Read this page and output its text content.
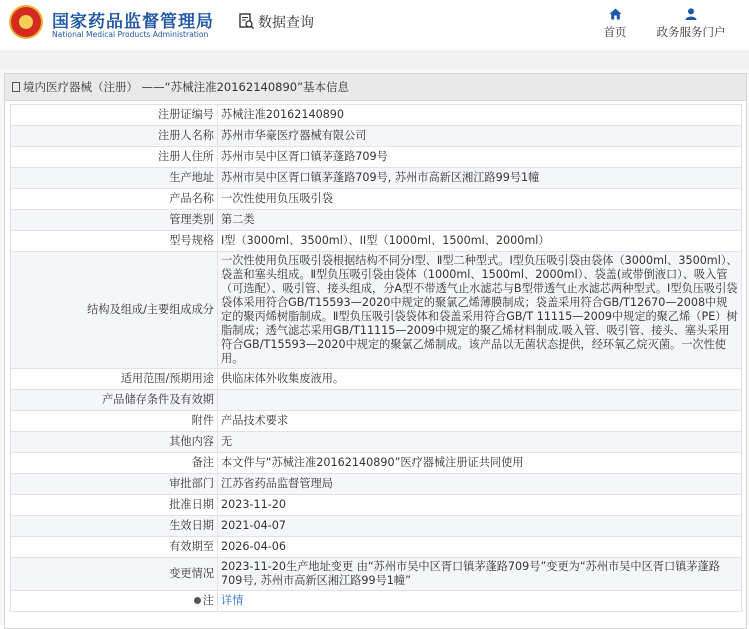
国家药品监督管理局
National Medical Products Administration
数据查询
首页	政务服务门户
境内医疗器械（注册） ——“苏械注准20162140890”基本信息
注册证编号	苏械注准20162140890
注册人名称	苏州市华豪医疗器械有限公司
注册人住所	苏州市吴中区胥口镇茅蓬路709号
生产地址	苏州市吴中区胥口镇茅蓬路709号, 苏州市高新区湘江路99号1幢
产品名称	一次性使用负压吸引袋
管理类别	第二类
型号规格	I型（3000ml、3500ml）、II型（1000ml、1500ml、2000ml）
结构及组成/主要组成成分	一次性使用负压吸引袋根据结构不同分Ⅰ型、Ⅱ型二种型式。Ⅰ型负压吸引袋由袋体（3000ml、3500ml）、袋盖和塞头组成。Ⅱ型负压吸引袋由袋体（1000ml、1500ml、2000ml）、袋盖(或带倒液口）、吸入管（可选配）、吸引管、接头组成，分A型不带透气止水滤芯与B型带透气止水滤芯两种型式。Ⅰ型负压吸引袋袋体采用符合GB/T15593—2020中规定的聚氯乙烯薄膜制成；袋盖采用符合GB/T12670—2008中规定的聚丙烯树脂制成。Ⅱ型负压吸引袋袋体和袋盖采用符合GB/T 11115—2009中规定的聚乙烯（PE）树脂制成；透气滤芯采用GB/T11115—2009中规定的聚乙烯材料制成.吸入管、吸引管、接头、塞头采用符合GB/T15593—2020中规定的聚氯乙烯制成。该产品以无菌状态提供，经环氧乙烷灭菌。一次性使用。
适用范围/预期用途	供临床体外收集废液用。
产品储存条件及有效期	
附件	产品技术要求
其他内容	无
备注	本文件与“苏械注准20162140890”医疗器械注册证共同使用
审批部门	江苏省药品监督管理局
批准日期	2023-11-20
生效日期	2021-04-07
有效期至	2026-04-06
变更情况	2023-11-20生产地址变更 由“苏州市吴中区胥口镇茅蓬路709号”变更为“苏州市吴中区胥口镇茅蓬路709号, 苏州市高新区湘江路99号1幢”
注	详情
